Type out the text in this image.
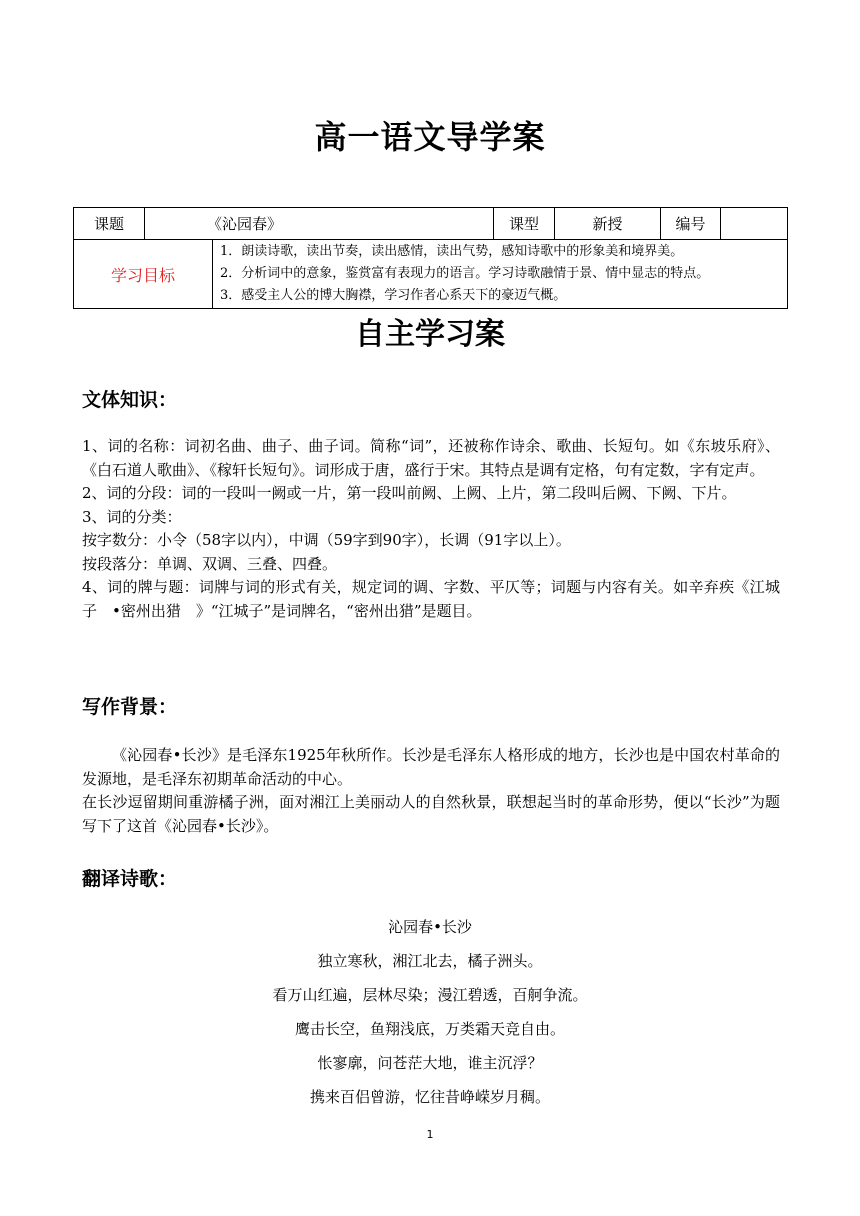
高一语文导学案
课题	《沁园春》		课型	新授	编号	
学习目标		1．朗读诗歌，读出节奏，读出感情，读出气势，感知诗歌中的形象美和境界美。
2．分析词中的意象，鉴赏富有表现力的语言。学习诗歌融情于景、情中显志的特点。
3．感受主人公的博大胸襟，学习作者心系天下的豪迈气概。				
自主学习案
文体知识：

1、词的名称：词初名曲、曲子、曲子词。简称“词”，还被称作诗余、歌曲、长短句。如《东坡乐府》、《白石道人歌曲》、《稼轩长短句》。词形成于唐，盛行于宋。其特点是调有定格，句有定数，字有定声。

2、词的分段：词的一段叫一阙或一片，第一段叫前阙、上阙、上片，第二段叫后阙、下阙、下片。

3、词的分类：

按字数分：小令（58字以内），中调（59字到90字），长调（91字以上）。

按段落分：单调、双调、三叠、四叠。

4、词的牌与题：词牌与词的形式有关，规定词的调、字数、平仄等；词题与内容有关。如辛弃疾《江城子　•密州出猎　》“江城子”是词牌名，“密州出猎”是题目。

写作背景：

《沁园春•长沙》是毛泽东1925年秋所作。长沙是毛泽东人格形成的地方，长沙也是中国农村革命的发源地，是毛泽东初期革命活动的中心。

在长沙逗留期间重游橘子洲，面对湘江上美丽动人的自然秋景，联想起当时的革命形势，便以“长沙”为题写下了这首《沁园春•长沙》。

翻译诗歌：
沁园春•长沙
独立寒秋，湘江北去，橘子洲头。
看万山红遍，层林尽染；漫江碧透，百舸争流。
鹰击长空，鱼翔浅底，万类霜天竞自由。
怅寥廓，问苍茫大地，谁主沉浮？
携来百侣曾游，忆往昔峥嵘岁月稠。
1
